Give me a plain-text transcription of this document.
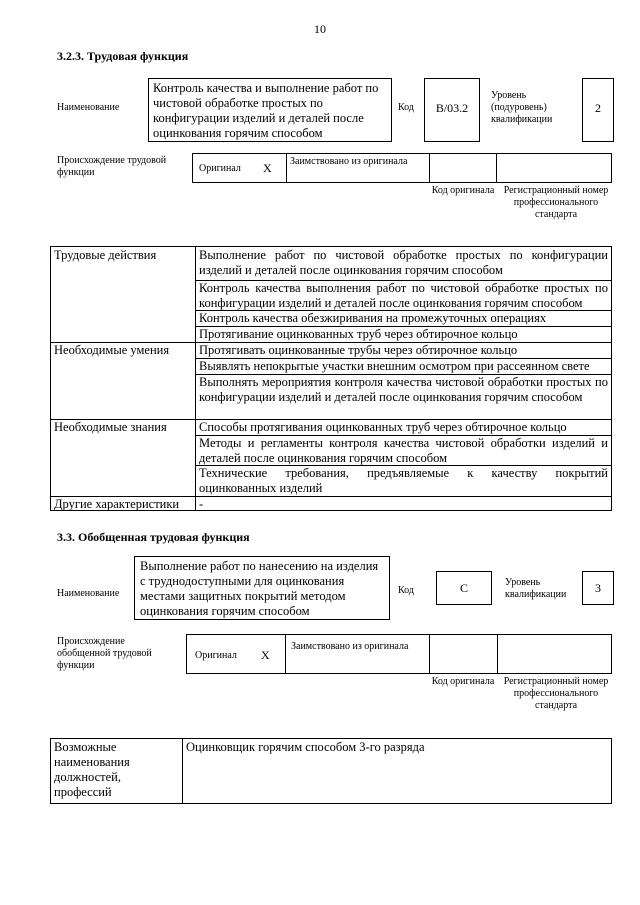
10
3.2.3. Трудовая функция
Наименование
Контроль качества и выполнение работ по чистовой обработке простых по конфигурации изделий и деталей после оцинкования горячим способом
Код	B/03.2
Уровень (подуровень) квалификации
2
Происхождение трудовой функции	Оригинал X Заимствовано из оригинала
Код оригинала Регистрационный номер профессионального стандарта
Трудовые действия	Выполнение работ по чистовой обработке простых по конфигурации изделий и деталей после оцинкования горячим способом
Контроль качества выполнения работ по чистовой обработке простых по конфигурации изделий и деталей после оцинкования горячим способом
Контроль качества обезжиривания на промежуточных операциях
Протягивание оцинкованных труб через обтирочное кольцо
Необходимые умения	Протягивать оцинкованные трубы через обтирочное кольцо
Выявлять непокрытые участки внешним осмотром при рассеянном свете
Выполнять мероприятия контроля качества чистовой обработки простых по конфигурации изделий и деталей после оцинкования горячим способом
Необходимые знания	Способы протягивания оцинкованных труб через обтирочное кольцо
Методы и регламенты контроля качества чистовой обработки изделий и деталей после оцинкования горячим способом
Технические требования, предъявляемые к качеству покрытий оцинкованных изделий
Другие характеристики	-
3.3. Обобщенная трудовая функция
Наименование
Выполнение работ по нанесению на изделия с труднодоступными для оцинкования местами защитных покрытий методом оцинкования горячим способом
Код	C	Уровень квалификации	3
Происхождение обобщенной трудовой функции
Оригинал X
Заимствовано из оригинала
Код оригинала Регистрационный номер профессионального стандарта
Возможные наименования должностей, профессий
Оцинковщик горячим способом 3-го разряда
